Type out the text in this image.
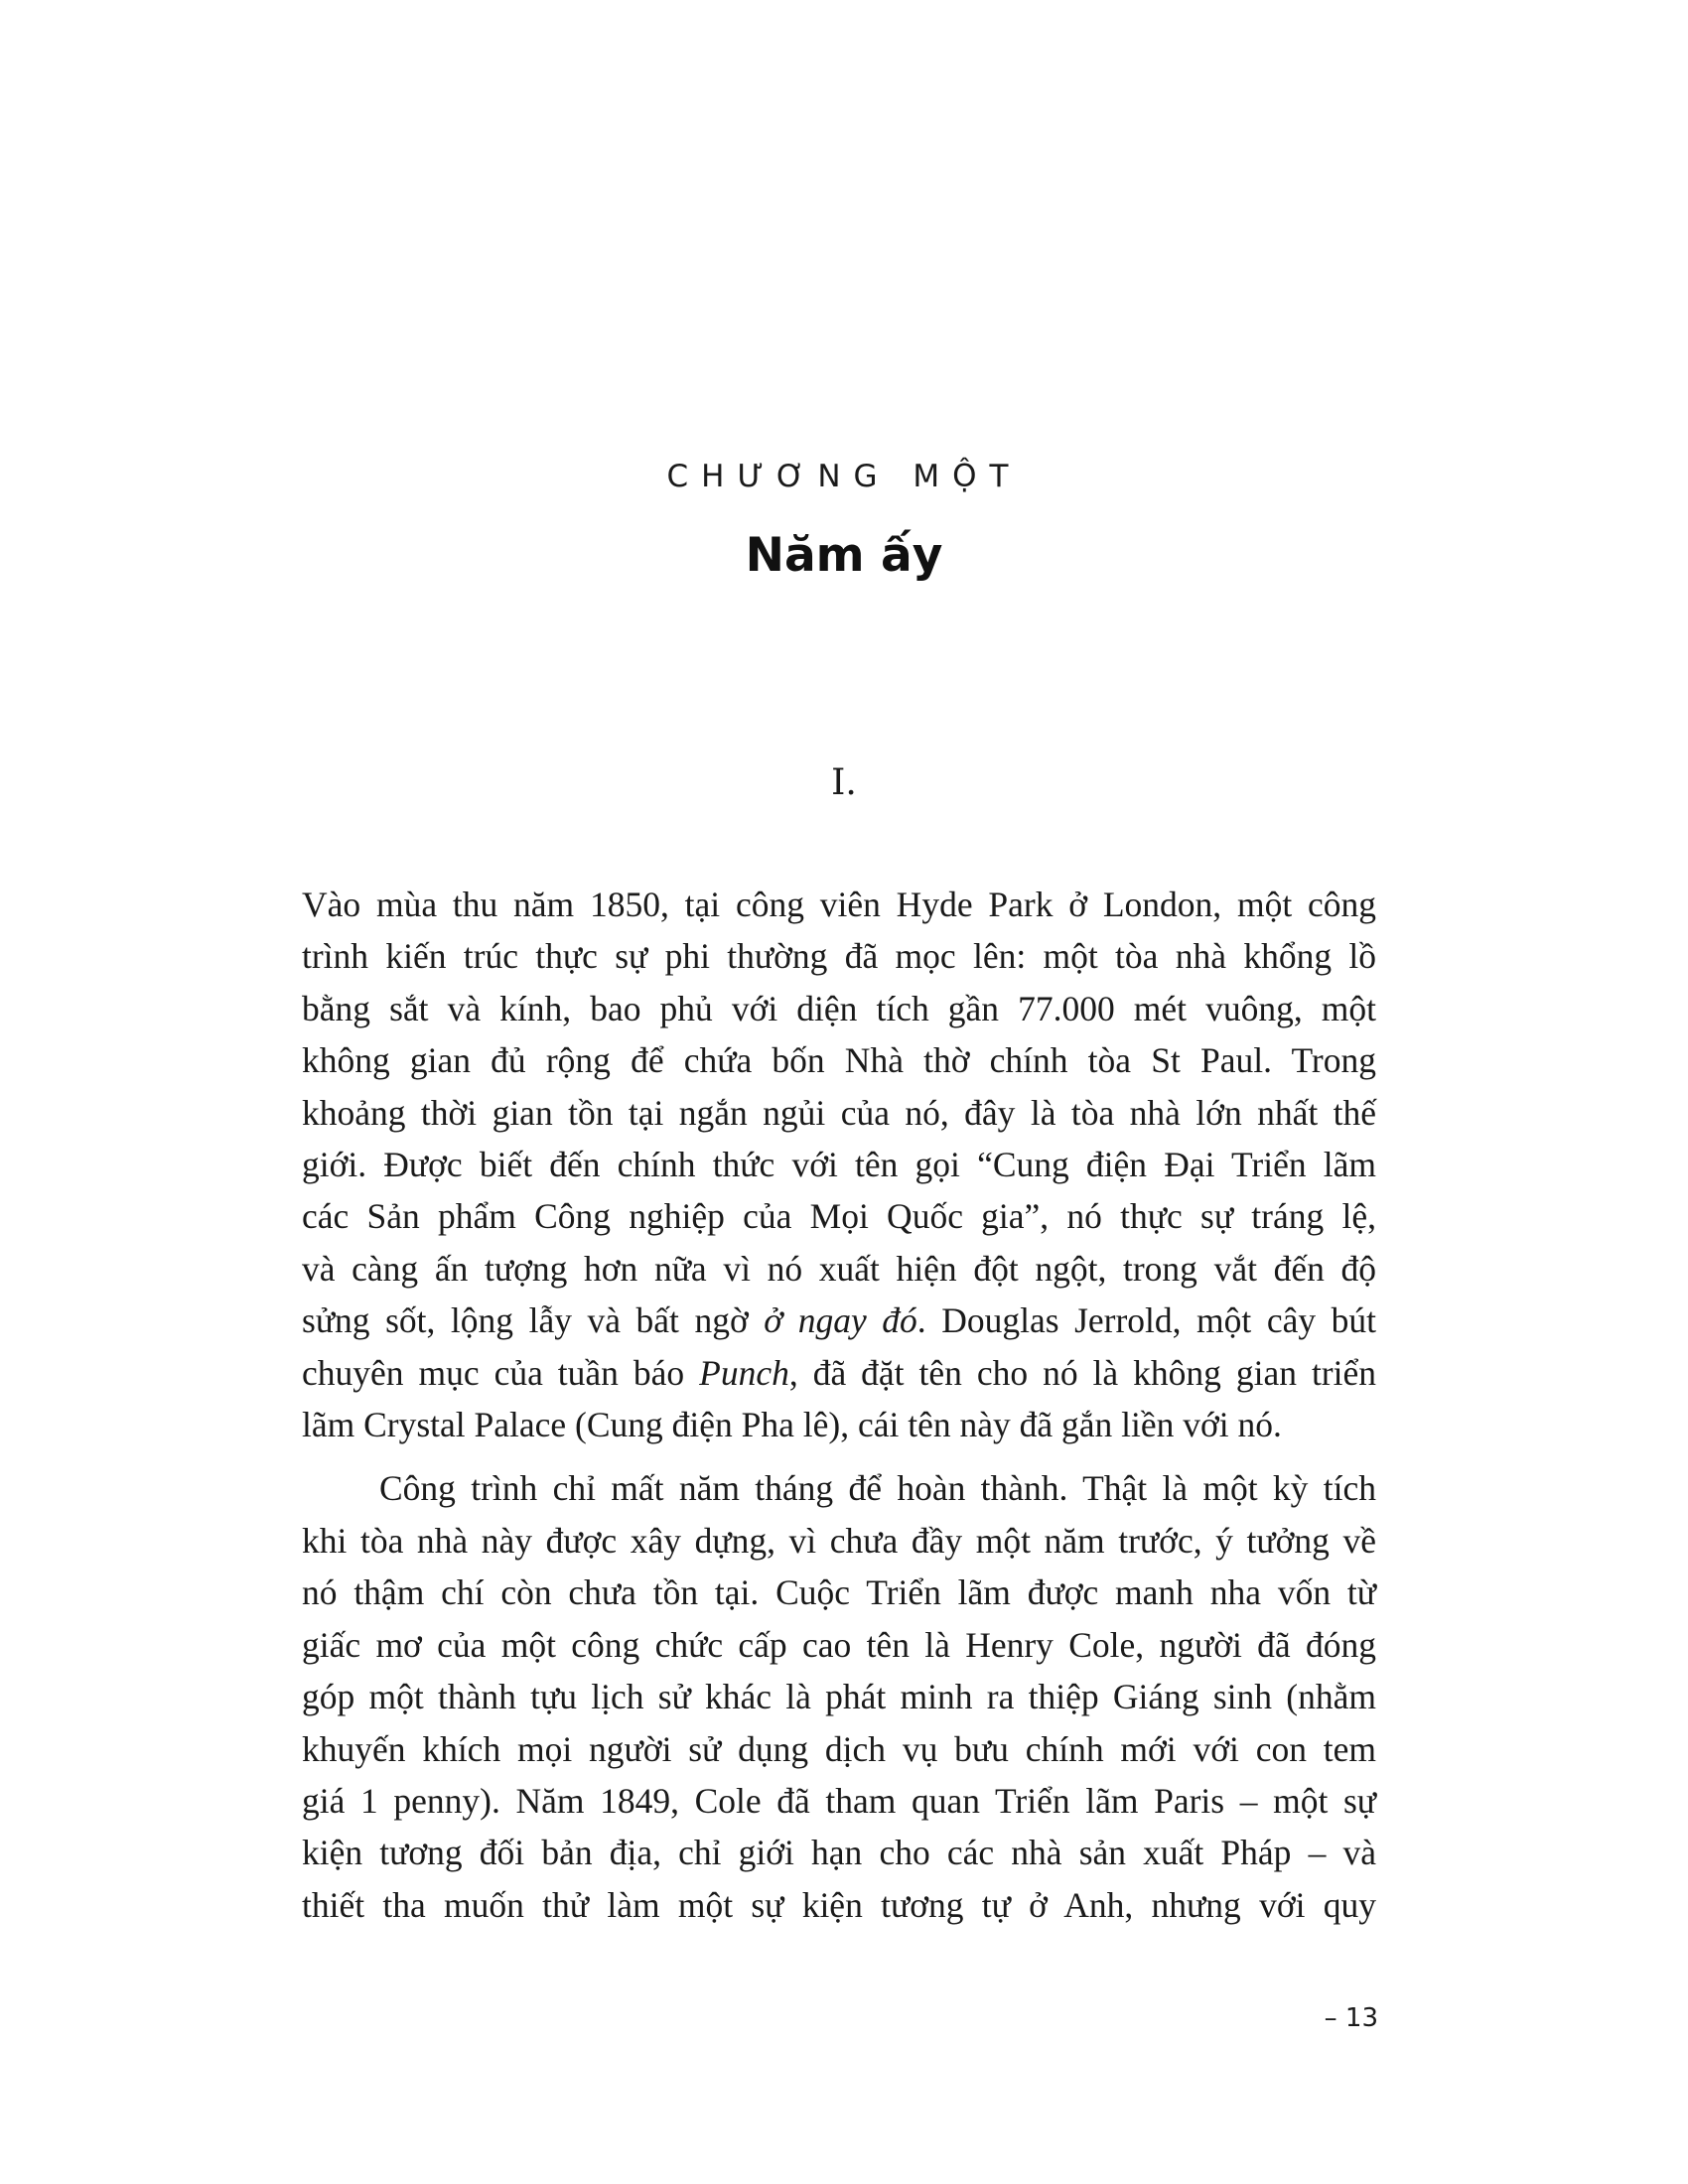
CHƯƠNG MỘT
Năm ấy
I.
Vào mùa thu năm 1850, tại công viên Hyde Park ở London, một công
trình kiến trúc thực sự phi thường đã mọc lên: một tòa nhà khổng lồ
bằng sắt và kính, bao phủ với diện tích gần 77.000 mét vuông, một
không gian đủ rộng để chứa bốn Nhà thờ chính tòa St Paul. Trong
khoảng thời gian tồn tại ngắn ngủi của nó, đây là tòa nhà lớn nhất thế
giới. Được biết đến chính thức với tên gọi “Cung điện Đại Triển lãm
các Sản phẩm Công nghiệp của Mọi Quốc gia”, nó thực sự tráng lệ,
và càng ấn tượng hơn nữa vì nó xuất hiện đột ngột, trong vắt đến độ
sửng sốt, lộng lẫy và bất ngờ ở ngay đó. Douglas Jerrold, một cây bút
chuyên mục của tuần báo Punch, đã đặt tên cho nó là không gian triển
lãm Crystal Palace (Cung điện Pha lê), cái tên này đã gắn liền với nó.
Công trình chỉ mất năm tháng để hoàn thành. Thật là một kỳ tích
khi tòa nhà này được xây dựng, vì chưa đầy một năm trước, ý tưởng về
nó thậm chí còn chưa tồn tại. Cuộc Triển lãm được manh nha vốn từ
giấc mơ của một công chức cấp cao tên là Henry Cole, người đã đóng
góp một thành tựu lịch sử khác là phát minh ra thiệp Giáng sinh (nhằm
khuyến khích mọi người sử dụng dịch vụ bưu chính mới với con tem
giá 1 penny). Năm 1849, Cole đã tham quan Triển lãm Paris – một sự
kiện tương đối bản địa, chỉ giới hạn cho các nhà sản xuất Pháp – và
thiết tha muốn thử làm một sự kiện tương tự ở Anh, nhưng với quy
– 13
